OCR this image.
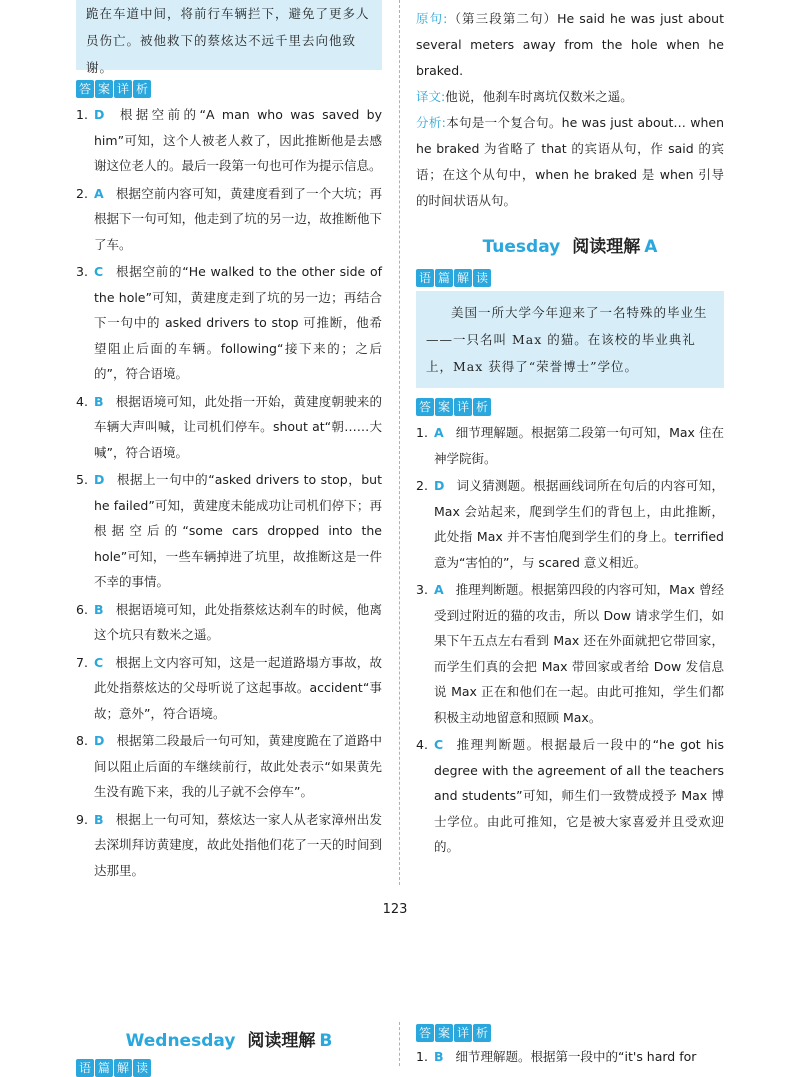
跪在车道中间，将前行车辆拦下，避免了更多人员伤亡。被他救下的蔡炫达不远千里去向他致谢。
答 案 详 析
1. D 根据空前的“A man who was saved by him”可知，这个人被老人救了，因此推断他是去感谢这位老人的。最后一段第一句也可作为提示信息。
2. A 根据空前内容可知，黄建度看到了一个大坑；再根据下一句可知，他走到了坑的另一边，故推断他下了车。
3. C 根据空前的“He walked to the other side of the hole”可知，黄建度走到了坑的另一边；再结合下一句中的 asked drivers to stop 可推断，他希望阻止后面的车辆。following“接下来的；之后的”，符合语境。
4. B 根据语境可知，此处指一开始，黄建度朝驶来的车辆大声叫喊，让司机们停车。shout at“朝……大喊”，符合语境。
5. D 根据上一句中的“asked drivers to stop，but he failed”可知，黄建度未能成功让司机们停下；再根据空后的“some cars dropped into the hole”可知，一些车辆掉进了坑里，故推断这是一件不幸的事情。
6. B 根据语境可知，此处指蔡炫达刹车的时候，他离这个坑只有数米之遥。
7. C 根据上文内容可知，这是一起道路塌方事故，故此处指蔡炫达的父母听说了这起事故。accident“事故；意外”，符合语境。
8. D 根据第二段最后一句可知，黄建度跪在了道路中间以阻止后面的车继续前行，故此处表示“如果黄先生没有跪下来，我的儿子就不会停车”。
9. B 根据上一句可知，蔡炫达一家人从老家漳州出发去深圳拜访黄建度，故此处指他们花了一天的时间到达那里。
原句:（第三段第二句）He said he was just about several meters away from the hole when he braked.
译文:他说，他刹车时离坑仅数米之遥。
分析:本句是一个复合句。he was just about… when he braked 为省略了 that 的宾语从句，作 said 的宾语；在这个从句中，when he braked 是 when 引导的时间状语从句。
Tuesday 阅读理解 A
语 篇 解 读
美国一所大学今年迎来了一名特殊的毕业生——一只名叫 Max 的猫。在该校的毕业典礼上，Max 获得了“荣誉博士”学位。
答 案 详 析
1. A 细节理解题。根据第二段第一句可知，Max 住在神学院街。
2. D 词义猜测题。根据画线词所在句后的内容可知，Max 会站起来，爬到学生们的背包上，由此推断，此处指 Max 并不害怕爬到学生们的身上。terrified 意为“害怕的”，与 scared 意义相近。
3. A 推理判断题。根据第四段的内容可知，Max 曾经受到过附近的猫的攻击，所以 Dow 请求学生们，如果下午五点左右看到 Max 还在外面就把它带回家，而学生们真的会把 Max 带回家或者给 Dow 发信息说 Max 正在和他们在一起。由此可推知，学生们都积极主动地留意和照顾 Max。
4. C 推理判断题。根据最后一段中的“he got his degree with the agreement of all the teachers and students”可知，师生们一致赞成授予 Max 博士学位。由此可推知，它是被大家喜爱并且受欢迎的。
123
Wednesday 阅读理解 B
语 篇 解 读
答 案 详 析
1. B 细节理解题。根据第一段中的“it's hard for
